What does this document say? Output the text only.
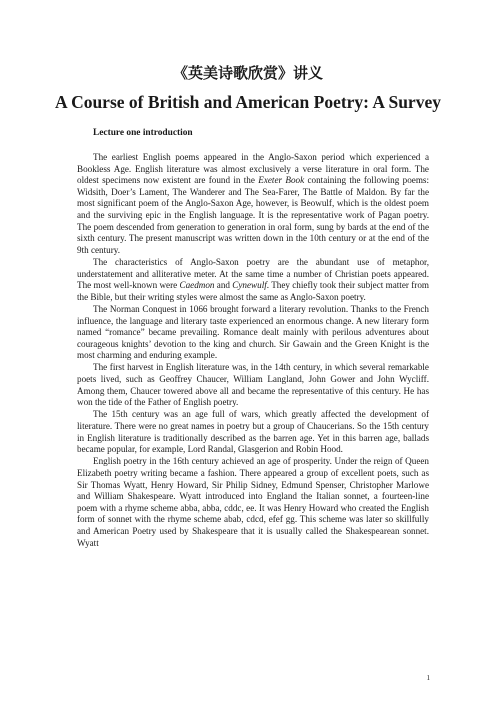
《英美诗歌欣赏》讲义
A Course of British and American Poetry: A Survey
Lecture one introduction

The earliest English poems appeared in the Anglo-Saxon period which experienced a Bookless Age. English literature was almost exclusively a verse literature in oral form. The oldest specimens now existent are found in the Exeter Book containing the following poems: Widsith, Doer’s Lament, The Wanderer and The Sea-Farer, The Battle of Maldon. By far the most significant poem of the Anglo-Saxon Age, however, is Beowulf, which is the oldest poem and the surviving epic in the English language. It is the representative work of Pagan poetry. The poem descended from generation to generation in oral form, sung by bards at the end of the sixth century. The present manuscript was written down in the 10th century or at the end of the 9th century.

The characteristics of Anglo-Saxon poetry are the abundant use of metaphor, understatement and alliterative meter. At the same time a number of Christian poets appeared. The most well-known were Caedmon and Cynewulf. They chiefly took their subject matter from the Bible, but their writing styles were almost the same as Anglo-Saxon poetry.

The Norman Conquest in 1066 brought forward a literary revolution. Thanks to the French influence, the language and literary taste experienced an enormous change. A new literary form named “romance” became prevailing. Romance dealt mainly with perilous adventures about courageous knights’ devotion to the king and church. Sir Gawain and the Green Knight is the most charming and enduring example.

The first harvest in English literature was, in the 14th century, in which several remarkable poets lived, such as Geoffrey Chaucer, William Langland, John Gower and John Wycliff. Among them, Chaucer towered above all and became the representative of this century. He has won the tide of the Father of English poetry.

The 15th century was an age full of wars, which greatly affected the development of literature. There were no great names in poetry but a group of Chaucerians. So the 15th century in English literature is traditionally described as the barren age. Yet in this barren age, ballads became popular, for example, Lord Randal, Glasgerion and Robin Hood.

English poetry in the 16th century achieved an age of prosperity. Under the reign of Queen Elizabeth poetry writing became a fashion. There appeared a group of excellent poets, such as Sir Thomas Wyatt, Henry Howard, Sir Philip Sidney, Edmund Spenser, Christopher Marlowe and William Shakespeare. Wyatt introduced into England the Italian sonnet, a fourteen-line poem with a rhyme scheme abba, abba, cddc, ee. It was Henry Howard who created the English form of sonnet with the rhyme scheme abab, cdcd, efef gg. This scheme was later so skillfully and American Poetry used by Shakespeare that it is usually called the Shakespearean sonnet. Wyatt

1
